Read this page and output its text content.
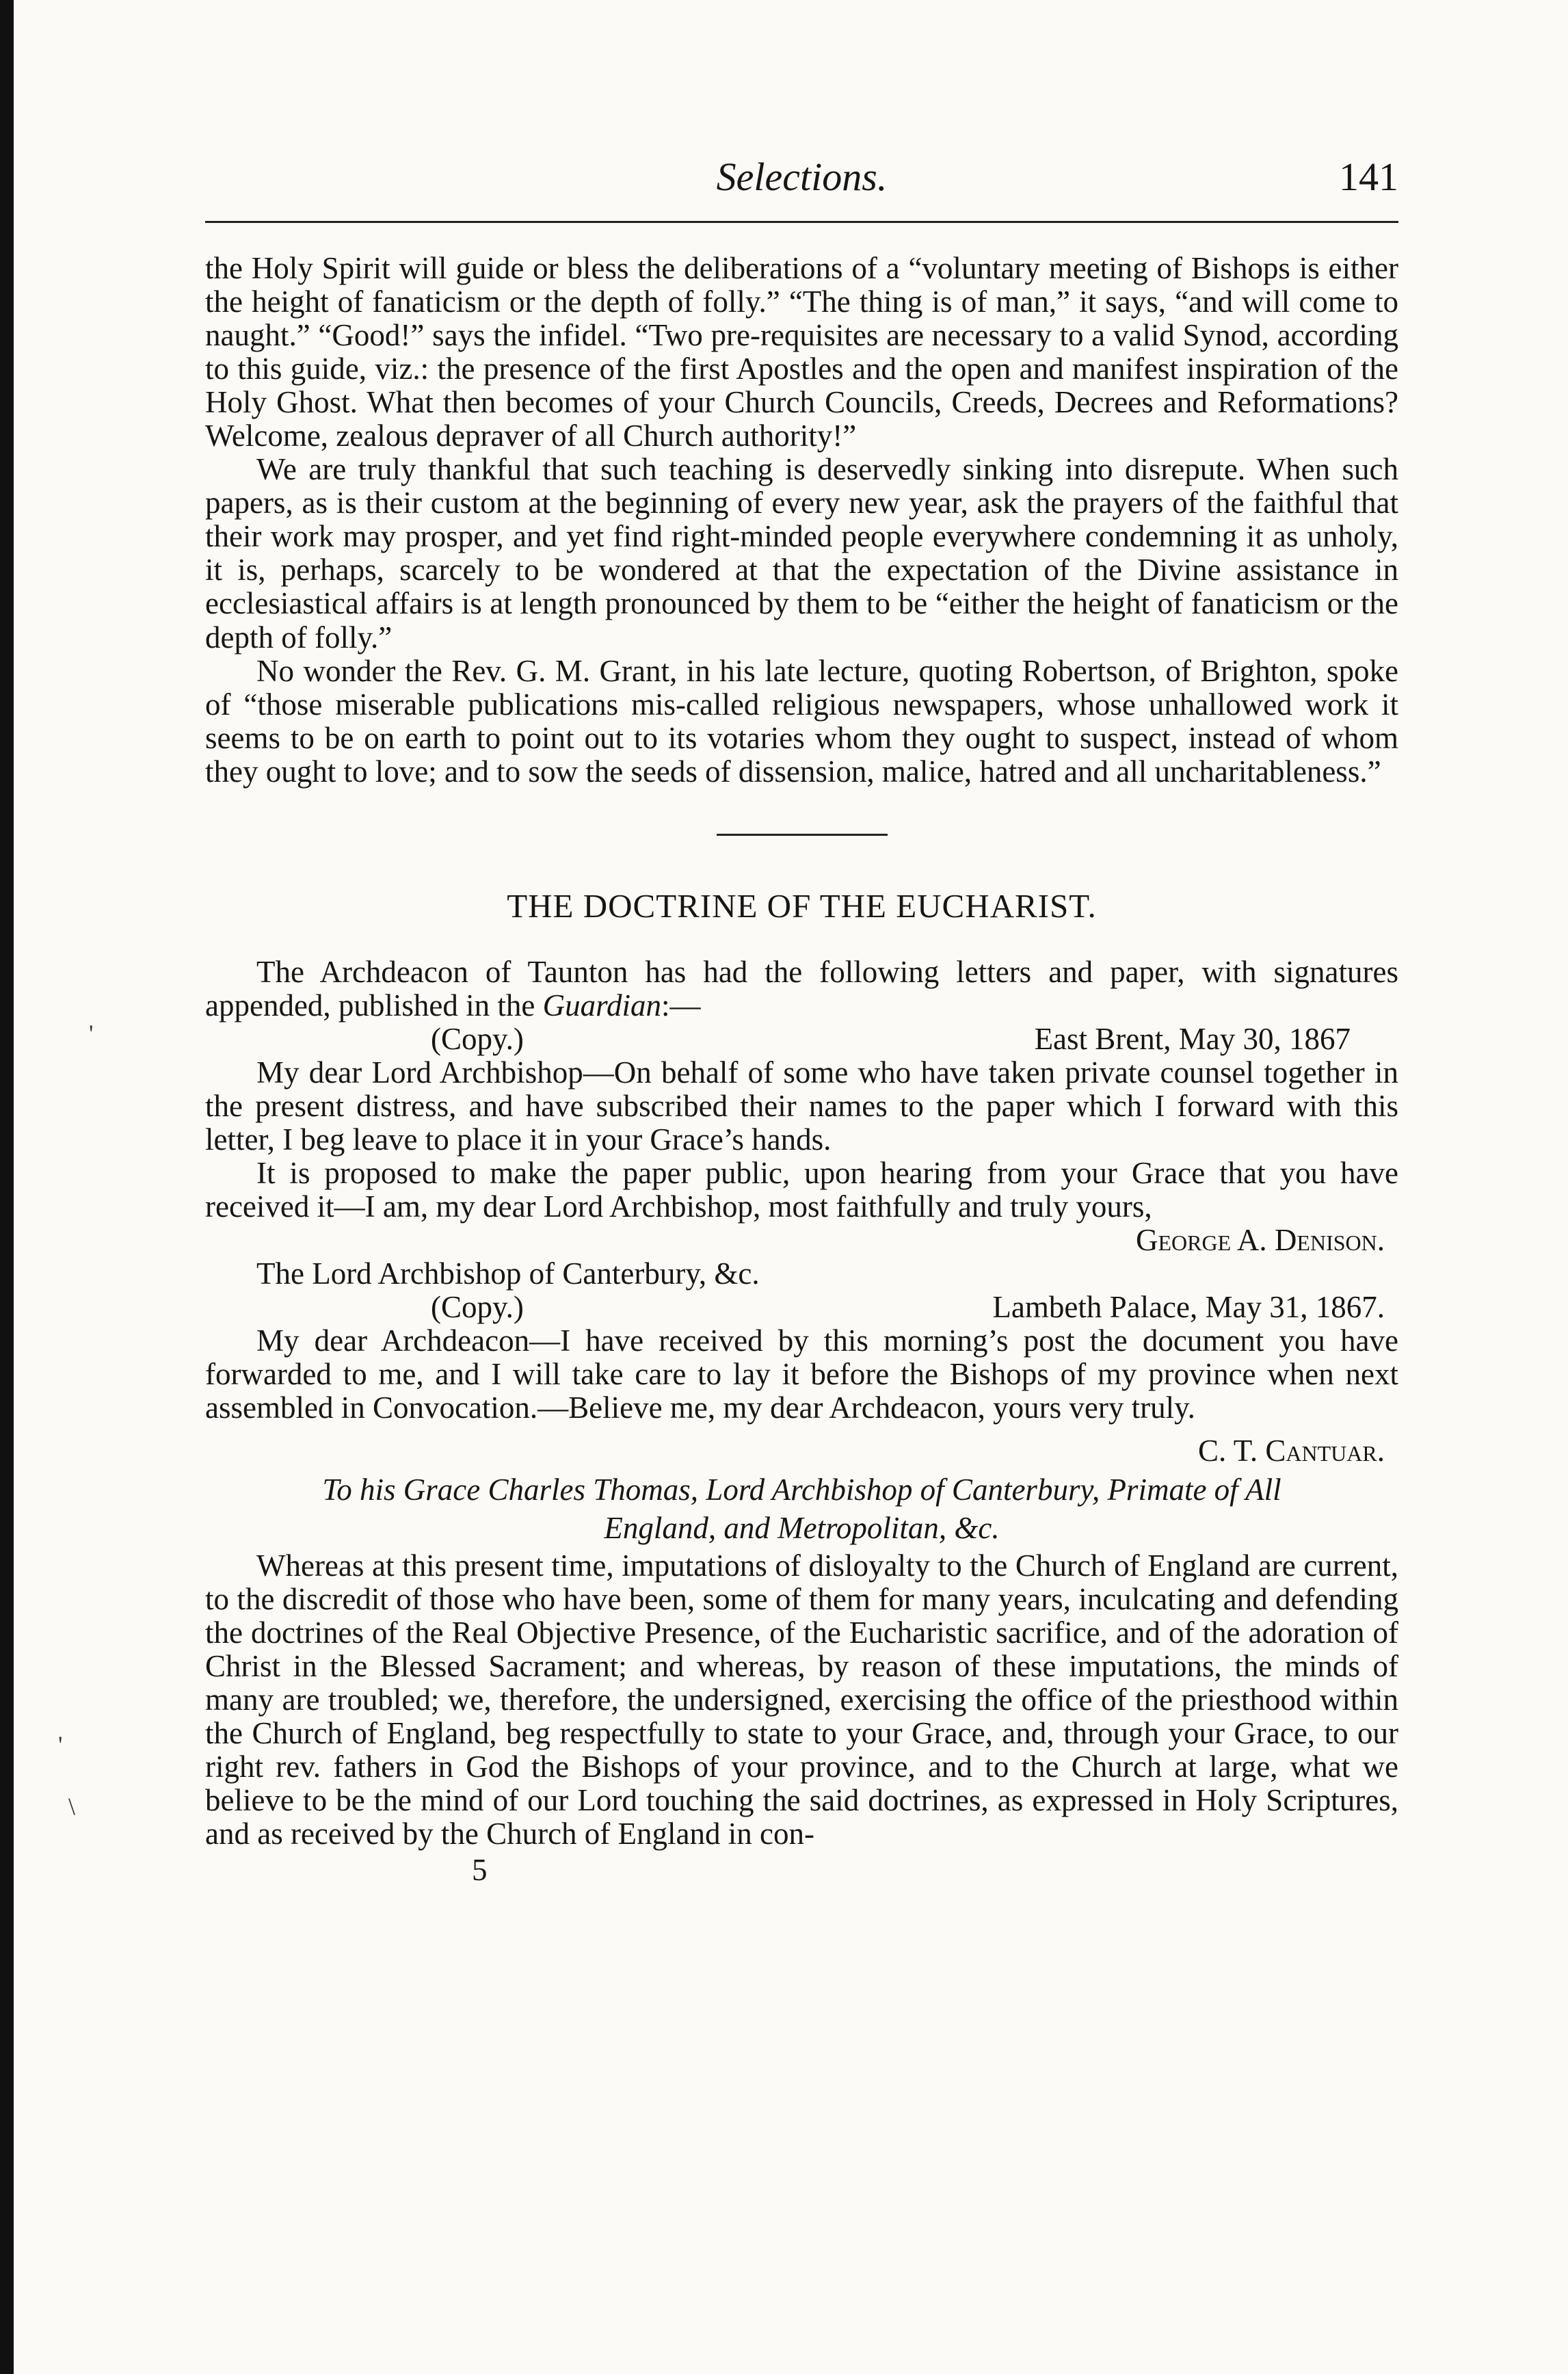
Selections.	141

the Holy Spirit will guide or bless the deliberations of a “voluntary meeting of Bishops is either the height of fanaticism or the depth of folly.” “The thing is of man,” it says, “and will come to naught.” “Good!” says the infidel. “Two pre-requisites are necessary to a valid Synod, according to this guide, viz.: the presence of the first Apostles and the open and manifest inspiration of the Holy Ghost. What then becomes of your Church Councils, Creeds, Decrees and Reformations? Welcome, zealous depraver of all Church authority!”

We are truly thankful that such teaching is deservedly sinking into disrepute. When such papers, as is their custom at the beginning of every new year, ask the prayers of the faithful that their work may prosper, and yet find right-minded people everywhere condemning it as unholy, it is, perhaps, scarcely to be wondered at that the expectation of the Divine assistance in ecclesiastical affairs is at length pronounced by them to be “either the height of fanaticism or the depth of folly.”

No wonder the Rev. G. M. Grant, in his late lecture, quoting Robertson, of Brighton, spoke of “those miserable publications mis-called religious newspapers, whose unhallowed work it seems to be on earth to point out to its votaries whom they ought to suspect, instead of whom they ought to love; and to sow the seeds of dissension, malice, hatred and all uncharitableness.”

THE DOCTRINE OF THE EUCHARIST.

The Archdeacon of Taunton has had the following letters and paper, with signatures appended, published in the Guardian:—

(Copy.)	East Brent, May 30, 1867

My dear Lord Archbishop—On behalf of some who have taken private counsel together in the present distress, and have subscribed their names to the paper which I forward with this letter, I beg leave to place it in your Grace’s hands.

It is proposed to make the paper public, upon hearing from your Grace that you have received it—I am, my dear Lord Archbishop, most faithfully and truly yours,

George A. Denison.

The Lord Archbishop of Canterbury, &c.

(Copy.)	Lambeth Palace, May 31, 1867.

My dear Archdeacon—I have received by this morning’s post the document you have forwarded to me, and I will take care to lay it before the Bishops of my province when next assembled in Convocation.—Believe me, my dear Archdeacon, yours very truly.

C. T. Cantuar.
To his Grace Charles Thomas, Lord Archbishop of Canterbury, Primate of All
England, and Metropolitan, &c.

Whereas at this present time, imputations of disloyalty to the Church of England are current, to the discredit of those who have been, some of them for many years, inculcating and defending the doctrines of the Real Objective Presence, of the Eucharistic sacrifice, and of the adoration of Christ in the Blessed Sacrament; and whereas, by reason of these imputations, the minds of many are troubled; we, therefore, the undersigned, exercising the office of the priesthood within the Church of England, beg respectfully to state to your Grace, and, through your Grace, to our right rev. fathers in God the Bishops of your province, and to the Church at large, what we believe to be the mind of our Lord touching the said doctrines, as expressed in Holy Scriptures, and as received by the Church of England in con-

5
'
'
\
